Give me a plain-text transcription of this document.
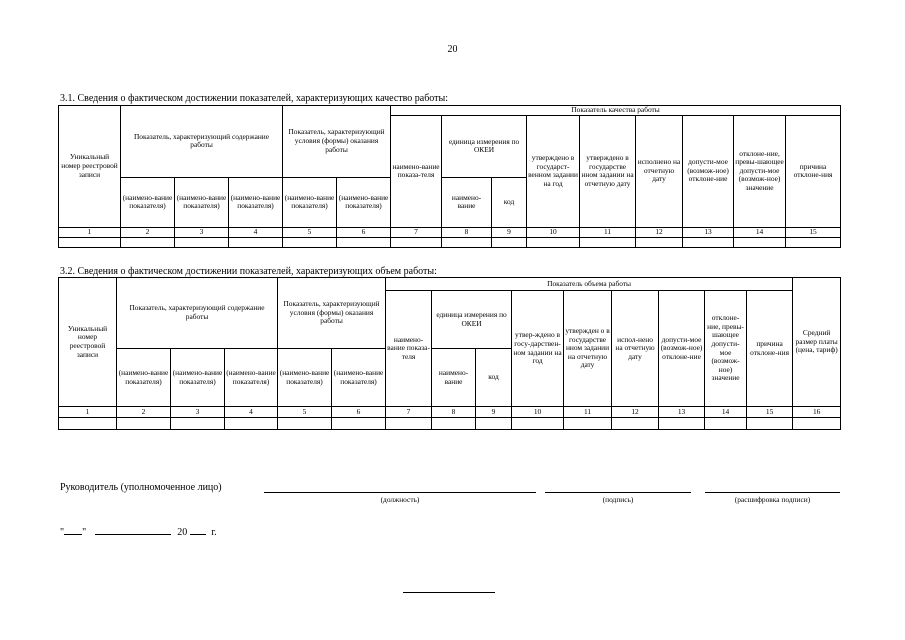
20
3.1. Сведения о фактическом достижении показателей, характеризующих качество работы:
Уникальный номер реестровой записи	Показатель, характеризующий содержание работы			Показатель, характеризующий условия (формы) оказания работы		Показатель качества работы								
						наимено-вание показа-теля	единица измерения по ОКЕИ		утверждено в государст-венном задании на год	утверждено в государстве нном задании на отчетную дату	исполнено на отчетную дату	допусти-мое (возмож-ное) отклоне-ние	отклоне-ние, превы-шающее допусти-мое (возмож-ное) значение	причина отклоне-ния
	(наимено-вание показателя)	(наимено-вание показателя)	(наимено-вание показателя)	(наимено-вание показателя)	(наимено-вание показателя)		наимено-вание	код						
1	2	3	4	5	6	7	8	9	10	11	12	13	14	15

3.2. Сведения о фактическом достижении показателей, характеризующих объем работы:
Уникальный номер реестровой записи	Показатель, характеризующий содержание работы			Показатель, характеризующий условия (формы) оказания работы		Показатель объема работы									Средний размер платы (цена, тариф)
						наимено-вание показа-теля	единица измерения по ОКЕИ		утвер-ждено в госу-дарствен-ном задании на год	утвержден о в государстве нном задании на отчетную дату	испол-нено на отчетную дату	допусти-мое (возмож-ное) отклоне-ние	отклоне-ние, превы-шающее допусти-мое (возмож-ное) значение	причина отклоне-ния	
	(наимено-вание показателя)	(наимено-вание показателя)	(наимено-вание показателя)	(наимено-вание показателя)	(наимено-вание показателя)		наимено-вание	код							
1	2	3	4	5	6	7	8	9	10	11	12	13	14	15	16

Руководитель (уполномоченное лицо)
(должность)	(подпись)	(расшифровка подписи)
" "	20 г.
